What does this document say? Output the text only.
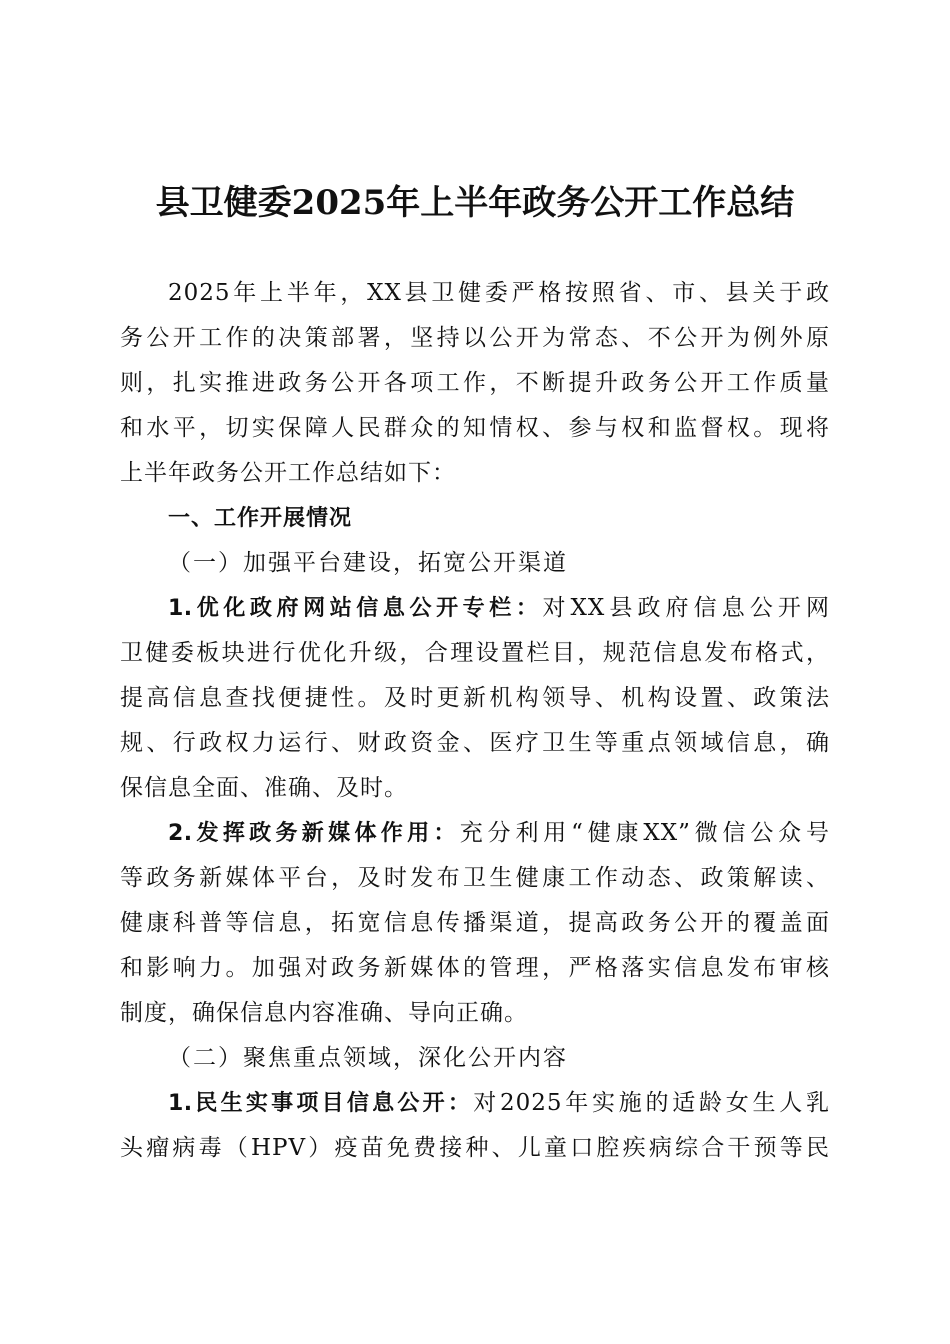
县卫健委2025年上半年政务公开工作总结
2025年上半年，XX县卫健委严格按照省、市、县关于政
务公开工作的决策部署，坚持以公开为常态、不公开为例外原
则，扎实推进政务公开各项工作，不断提升政务公开工作质量
和水平，切实保障人民群众的知情权、参与权和监督权。现将
上半年政务公开工作总结如下：
一、工作开展情况
（一）加强平台建设，拓宽公开渠道
1.优化政府网站信息公开专栏：对XX县政府信息公开网
卫健委板块进行优化升级，合理设置栏目，规范信息发布格式，
提高信息查找便捷性。及时更新机构领导、机构设置、政策法
规、行政权力运行、财政资金、医疗卫生等重点领域信息，确
保信息全面、准确、及时。
2.发挥政务新媒体作用：充分利用“健康XX”微信公众号
等政务新媒体平台，及时发布卫生健康工作动态、政策解读、
健康科普等信息，拓宽信息传播渠道，提高政务公开的覆盖面
和影响力。加强对政务新媒体的管理，严格落实信息发布审核
制度，确保信息内容准确、导向正确。
（二）聚焦重点领域，深化公开内容
1.民生实事项目信息公开：对2025年实施的适龄女生人乳
头瘤病毒（HPV）疫苗免费接种、儿童口腔疾病综合干预等民
